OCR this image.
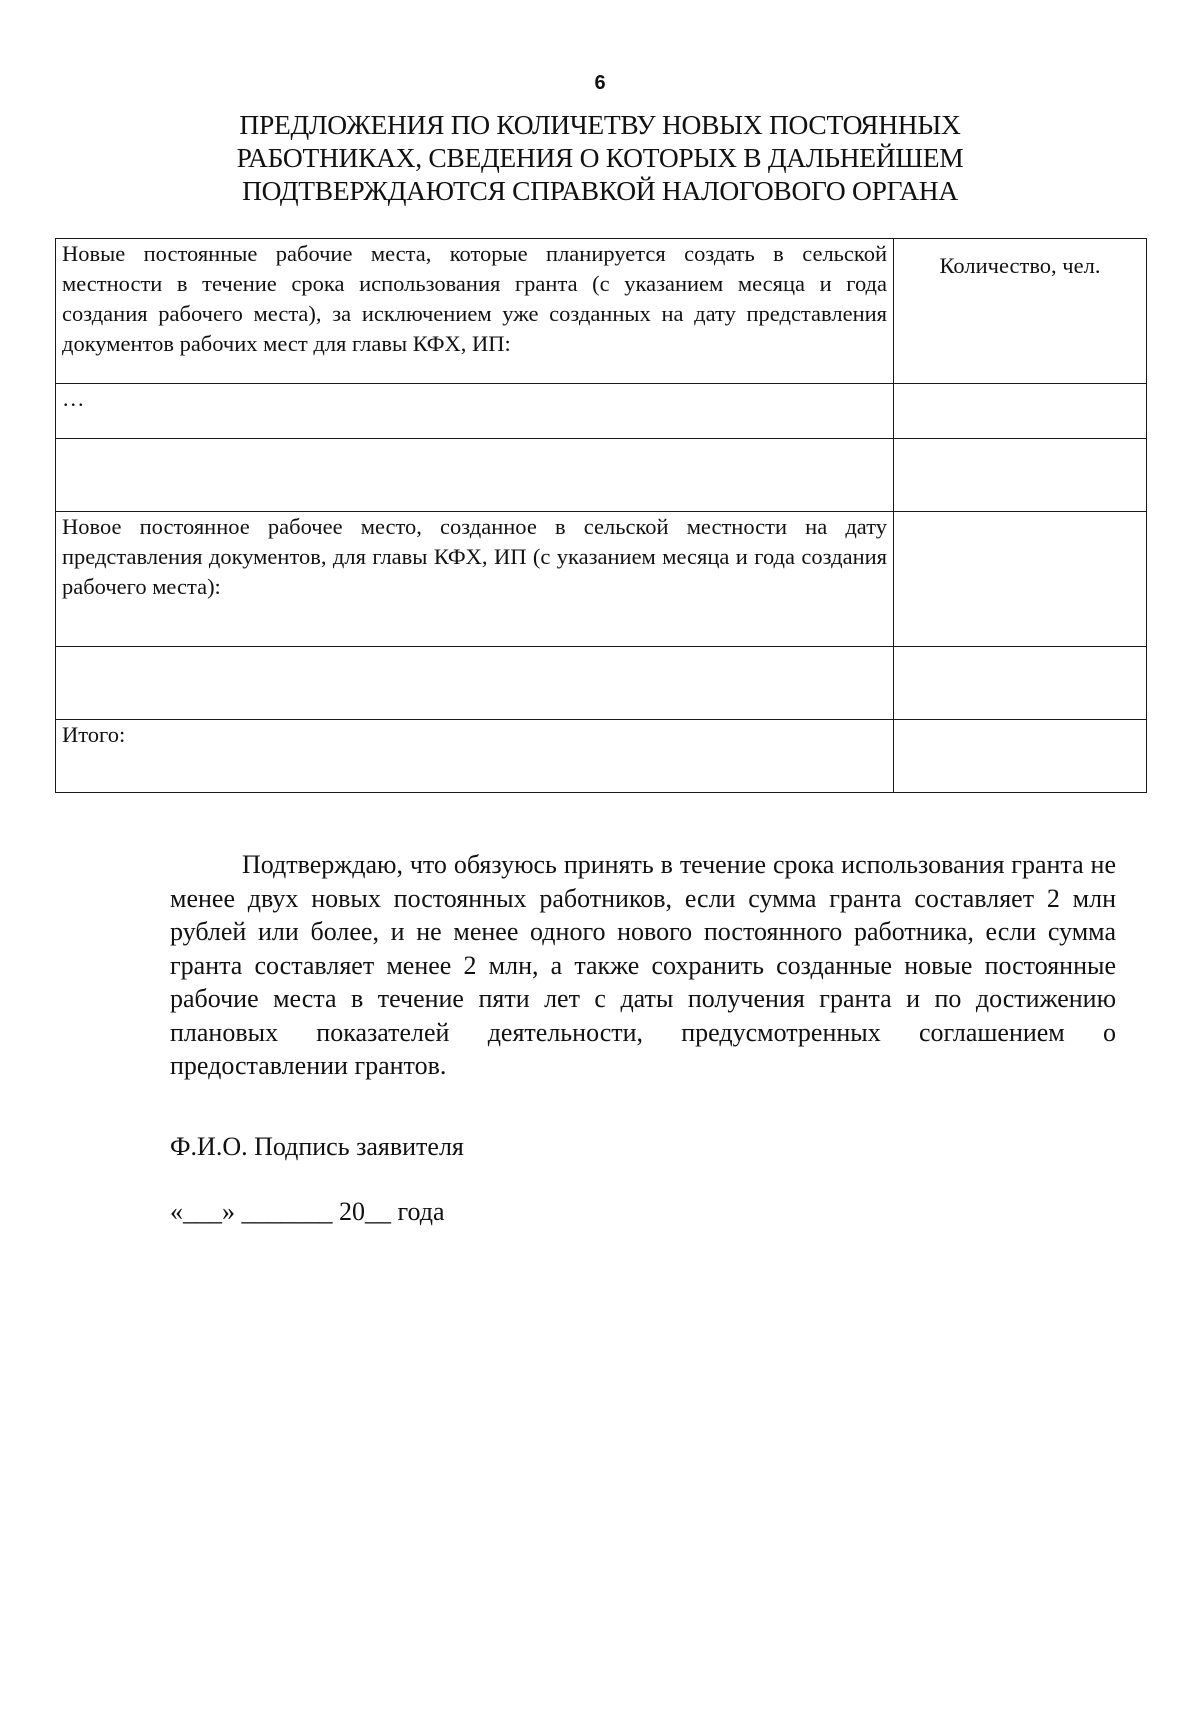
6
ПРЕДЛОЖЕНИЯ ПО КОЛИЧЕТВУ НОВЫХ ПОСТОЯННЫХ
РАБОТНИКАХ, СВЕДЕНИЯ О КОТОРЫХ В ДАЛЬНЕЙШЕМ
ПОДТВЕРЖДАЮТСЯ СПРАВКОЙ НАЛОГОВОГО ОРГАНА
Новые постоянные рабочие места, которые планируется создать в сельской местности в течение срока использования гранта (с указанием месяца и года создания рабочего места), за исключением уже созданных на дату представления документов рабочих мест для главы КФХ, ИП:	Количество, чел.
…	

Новое постоянное рабочее место, созданное в сельской местности на дату представления документов, для главы КФХ, ИП (с указанием месяца и года создания рабочего места):	

Итого:	
Подтверждаю, что обязуюсь принять в течение срока использования гранта не менее двух новых постоянных работников, если сумма гранта составляет 2 млн рублей или более, и не менее одного нового постоянного работника, если сумма гранта составляет менее 2 млн, а также сохранить созданные новые постоянные рабочие места в течение пяти лет с даты получения гранта и по достижению плановых показателей деятельности, предусмотренных соглашением о предоставлении грантов.
Ф.И.О. Подпись заявителя
«___» _______ 20__ года
